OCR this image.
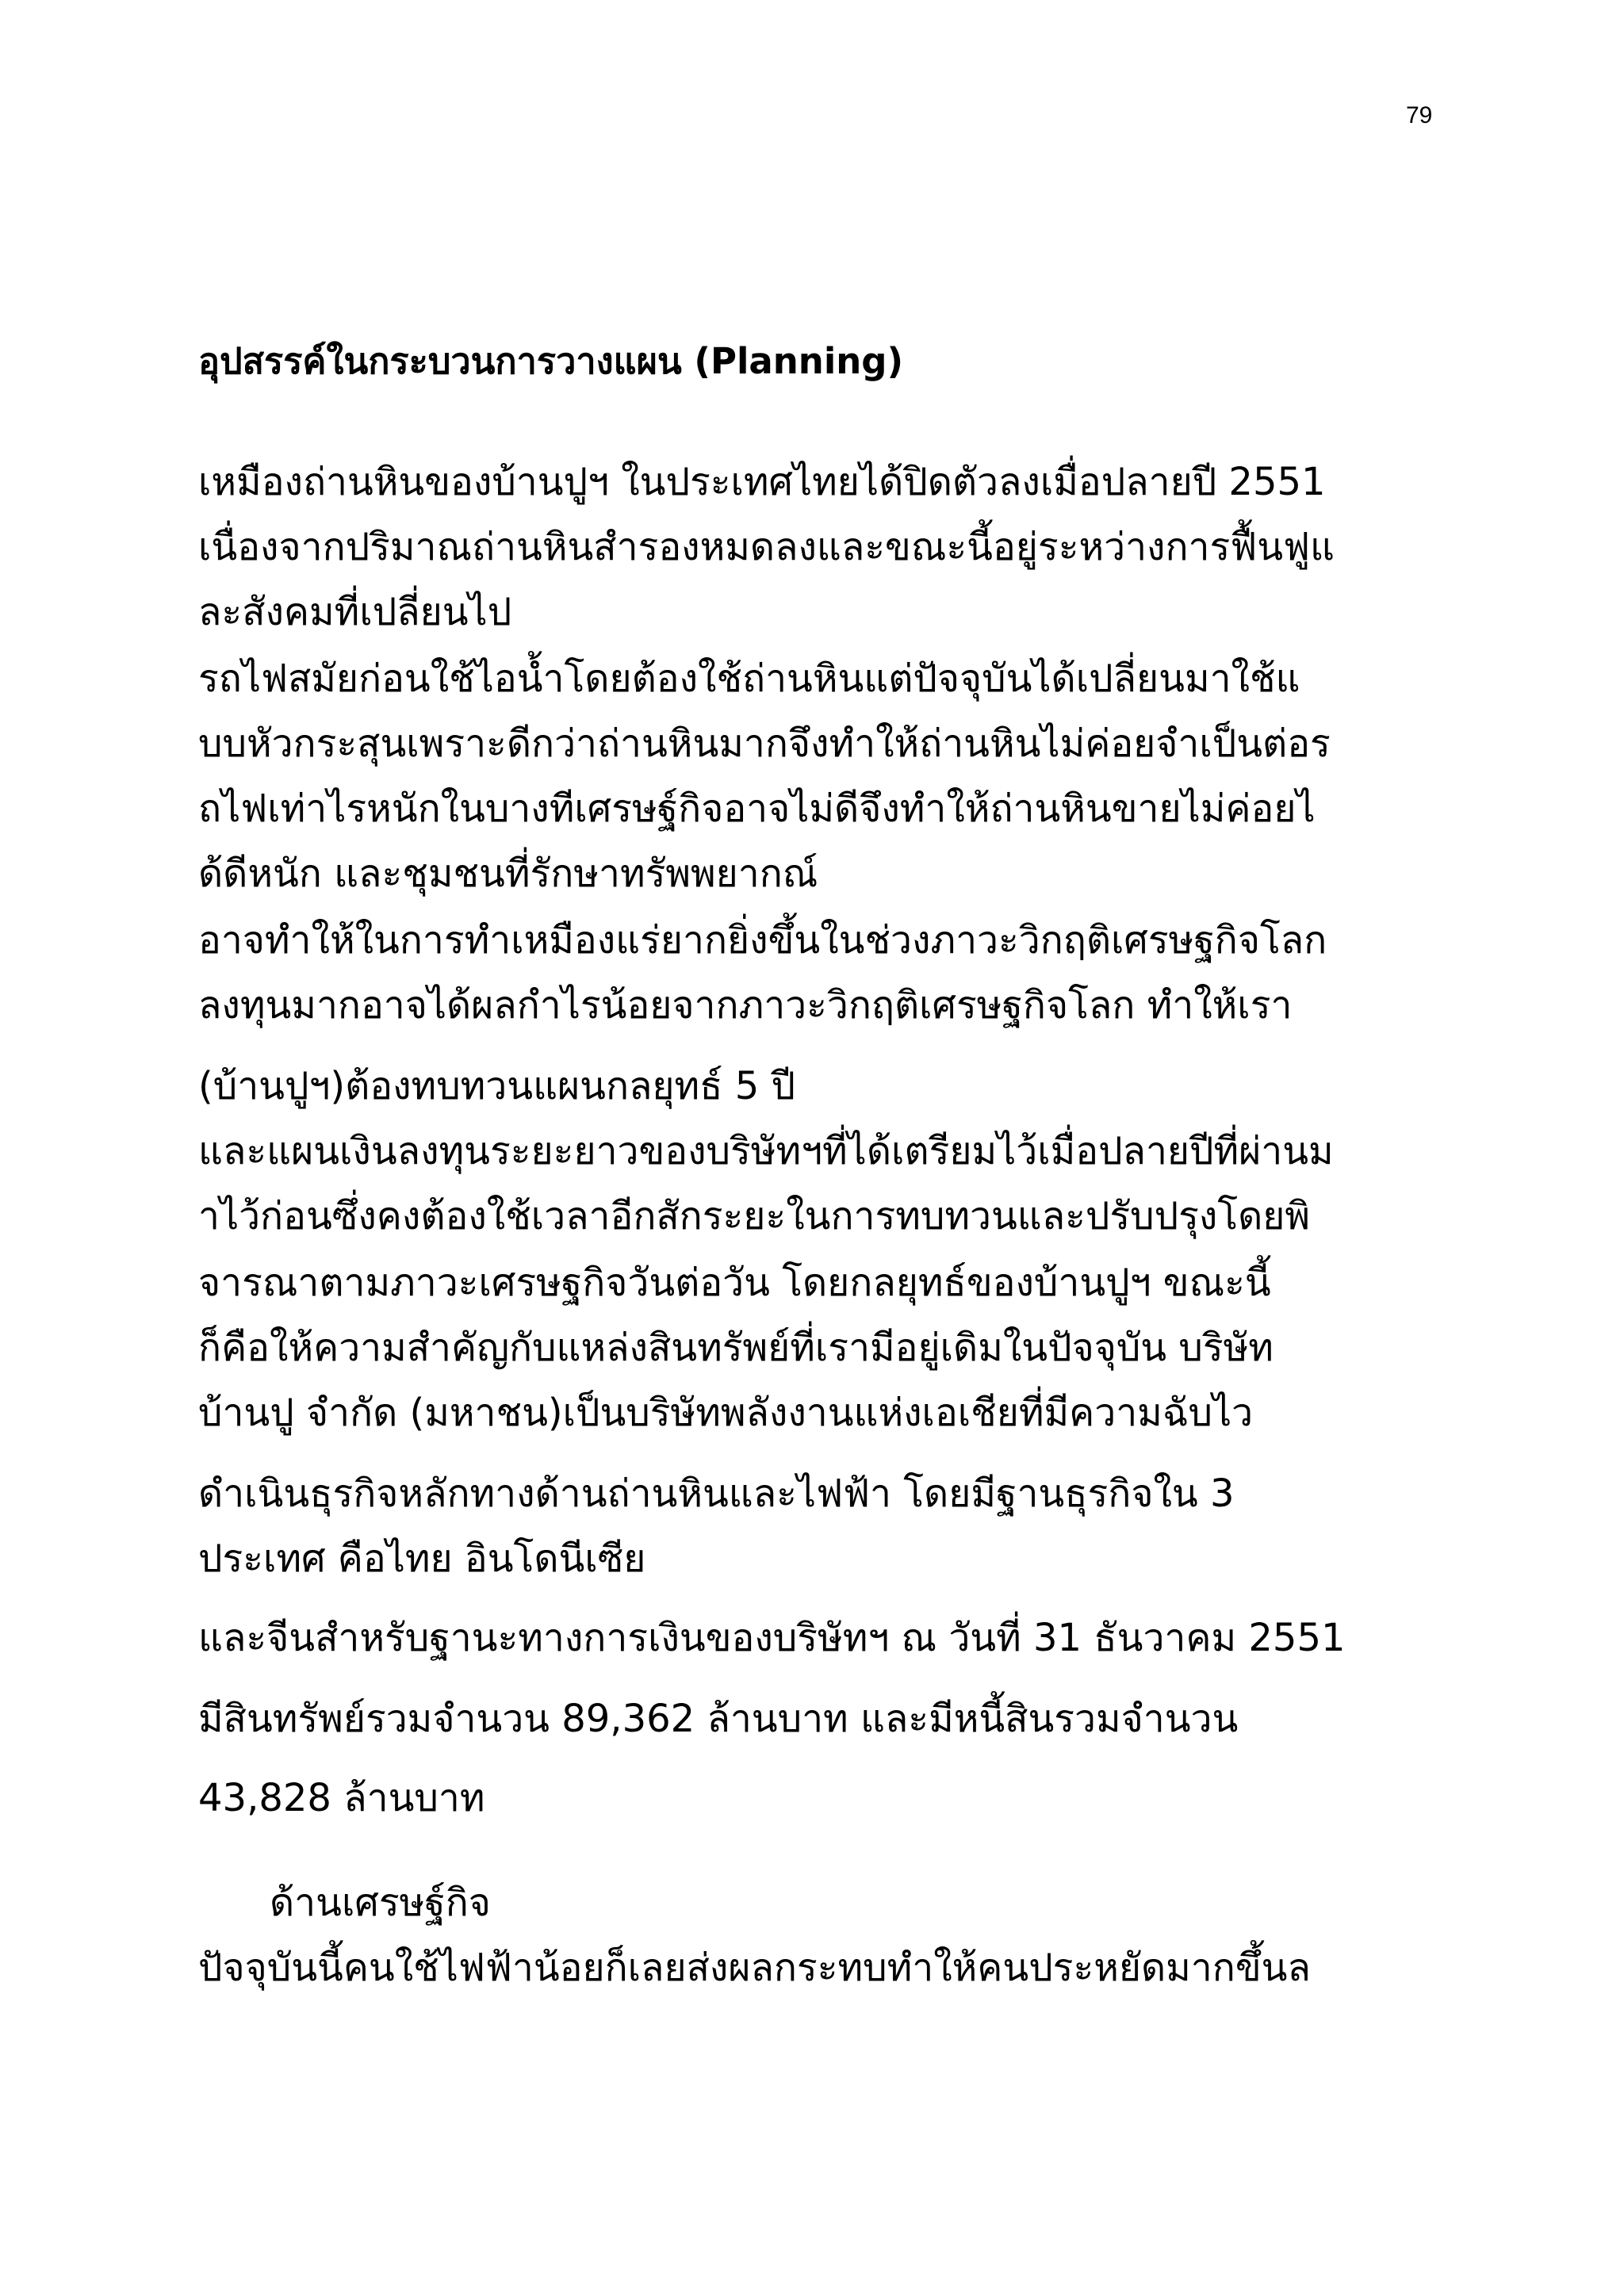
79
อุปสรรค์ในกระบวนการวางแผน (Planning)
เหมืองถ่านหินของบ้านปูฯ ในประเทศไทยได้ปิดตัวลงเมื่อปลายปี 2551
เนื่องจากปริมาณถ่านหินสำรองหมดลงและขณะนี้อยู่ระหว่างการฟื้นฟูแ
ละสังคมที่เปลี่ยนไป
รถไฟสมัยก่อนใช้ไอน้ำโดยต้องใช้ถ่านหินแต่ปัจจุบันได้เปลี่ยนมาใช้แ
บบหัวกระสุนเพราะดีกว่าถ่านหินมากจึงทำให้ถ่านหินไม่ค่อยจำเป็นต่อร
ถไฟเท่าไรหนักในบางทีเศรษฐ์กิจอาจไม่ดีจึงทำให้ถ่านหินขายไม่ค่อยไ
ด้ดีหนัก และชุมชนที่รักษาทรัพพยากณ์
อาจทำให้ในการทำเหมืองแร่ยากยิ่งขึ้นในช่วงภาวะวิกฤติเศรษฐกิจโลก
ลงทุนมากอาจได้ผลกำไรน้อยจากภาวะวิกฤติเศรษฐกิจโลก ทำให้เรา
(บ้านปูฯ)ต้องทบทวนแผนกลยุทธ์ 5 ปี
และแผนเงินลงทุนระยะยาวของบริษัทฯที่ได้เตรียมไว้เมื่อปลายปีที่ผ่านม
าไว้ก่อนซึ่งคงต้องใช้เวลาอีกสักระยะในการทบทวนและปรับปรุงโดยพิ
จารณาตามภาวะเศรษฐกิจวันต่อวัน โดยกลยุทธ์ของบ้านปูฯ ขณะนี้
ก็คือให้ความสำคัญกับแหล่งสินทรัพย์ที่เรามีอยู่เดิมในปัจจุบัน บริษัท
บ้านปู จำกัด (มหาชน)เป็นบริษัทพลังงานแห่งเอเชียที่มีความฉับไว
ดำเนินธุรกิจหลักทางด้านถ่านหินและไฟฟ้า โดยมีฐานธุรกิจใน 3
ประเทศ คือไทย อินโดนีเซีย
และจีนสำหรับฐานะทางการเงินของบริษัทฯ ณ วันที่ 31 ธันวาคม 2551
มีสินทรัพย์รวมจำนวน 89,362 ล้านบาท และมีหนี้สินรวมจำนวน
43,828 ล้านบาท
ด้านเศรษฐ์กิจ
ปัจจุบันนี้คนใช้ไฟฟ้าน้อยก็เลยส่งผลกระทบทำให้คนประหยัดมากขึ้นล
